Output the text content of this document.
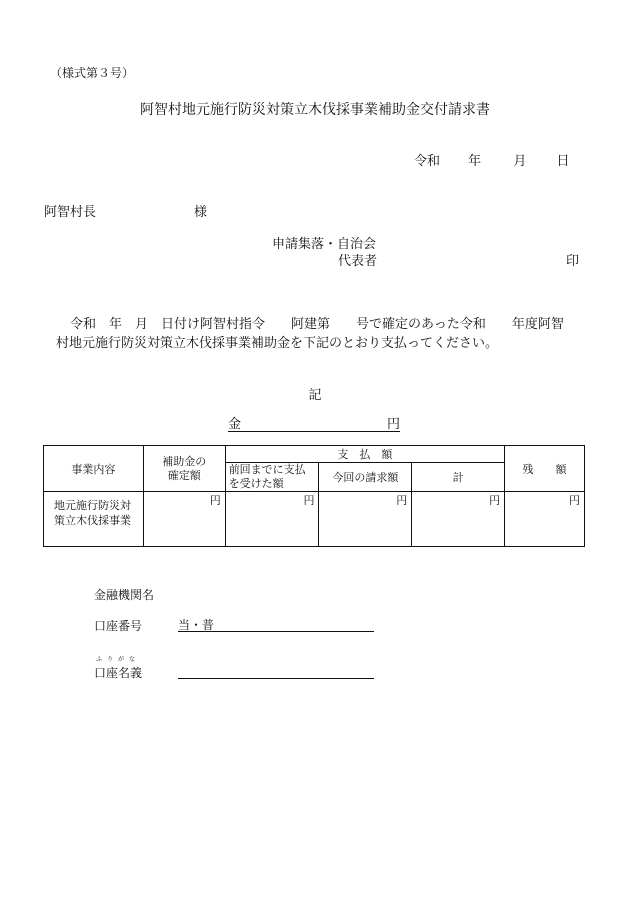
（様式第３号）
阿智村地元施行防災対策立木伐採事業補助金交付請求書
令和 年 月 日
阿智村長	様
申請集落・自治会
代表者	印

令和　年　月　日付け阿智村指令　　阿建第　　号で確定のあった令和　　年度阿智

村地元施行防災対策立木伐採事業補助金を下記のとおり支払ってください。

記
金	円
事業内容	補助金の確定額	支　払　額			残　　額
		前回までに支払を受けた額	今回の請求額	計	
地元施行防災対策立木伐採事業	円	円	円	円	円
金融機関名
口座番号	当・普
ふりがな
口座名義
